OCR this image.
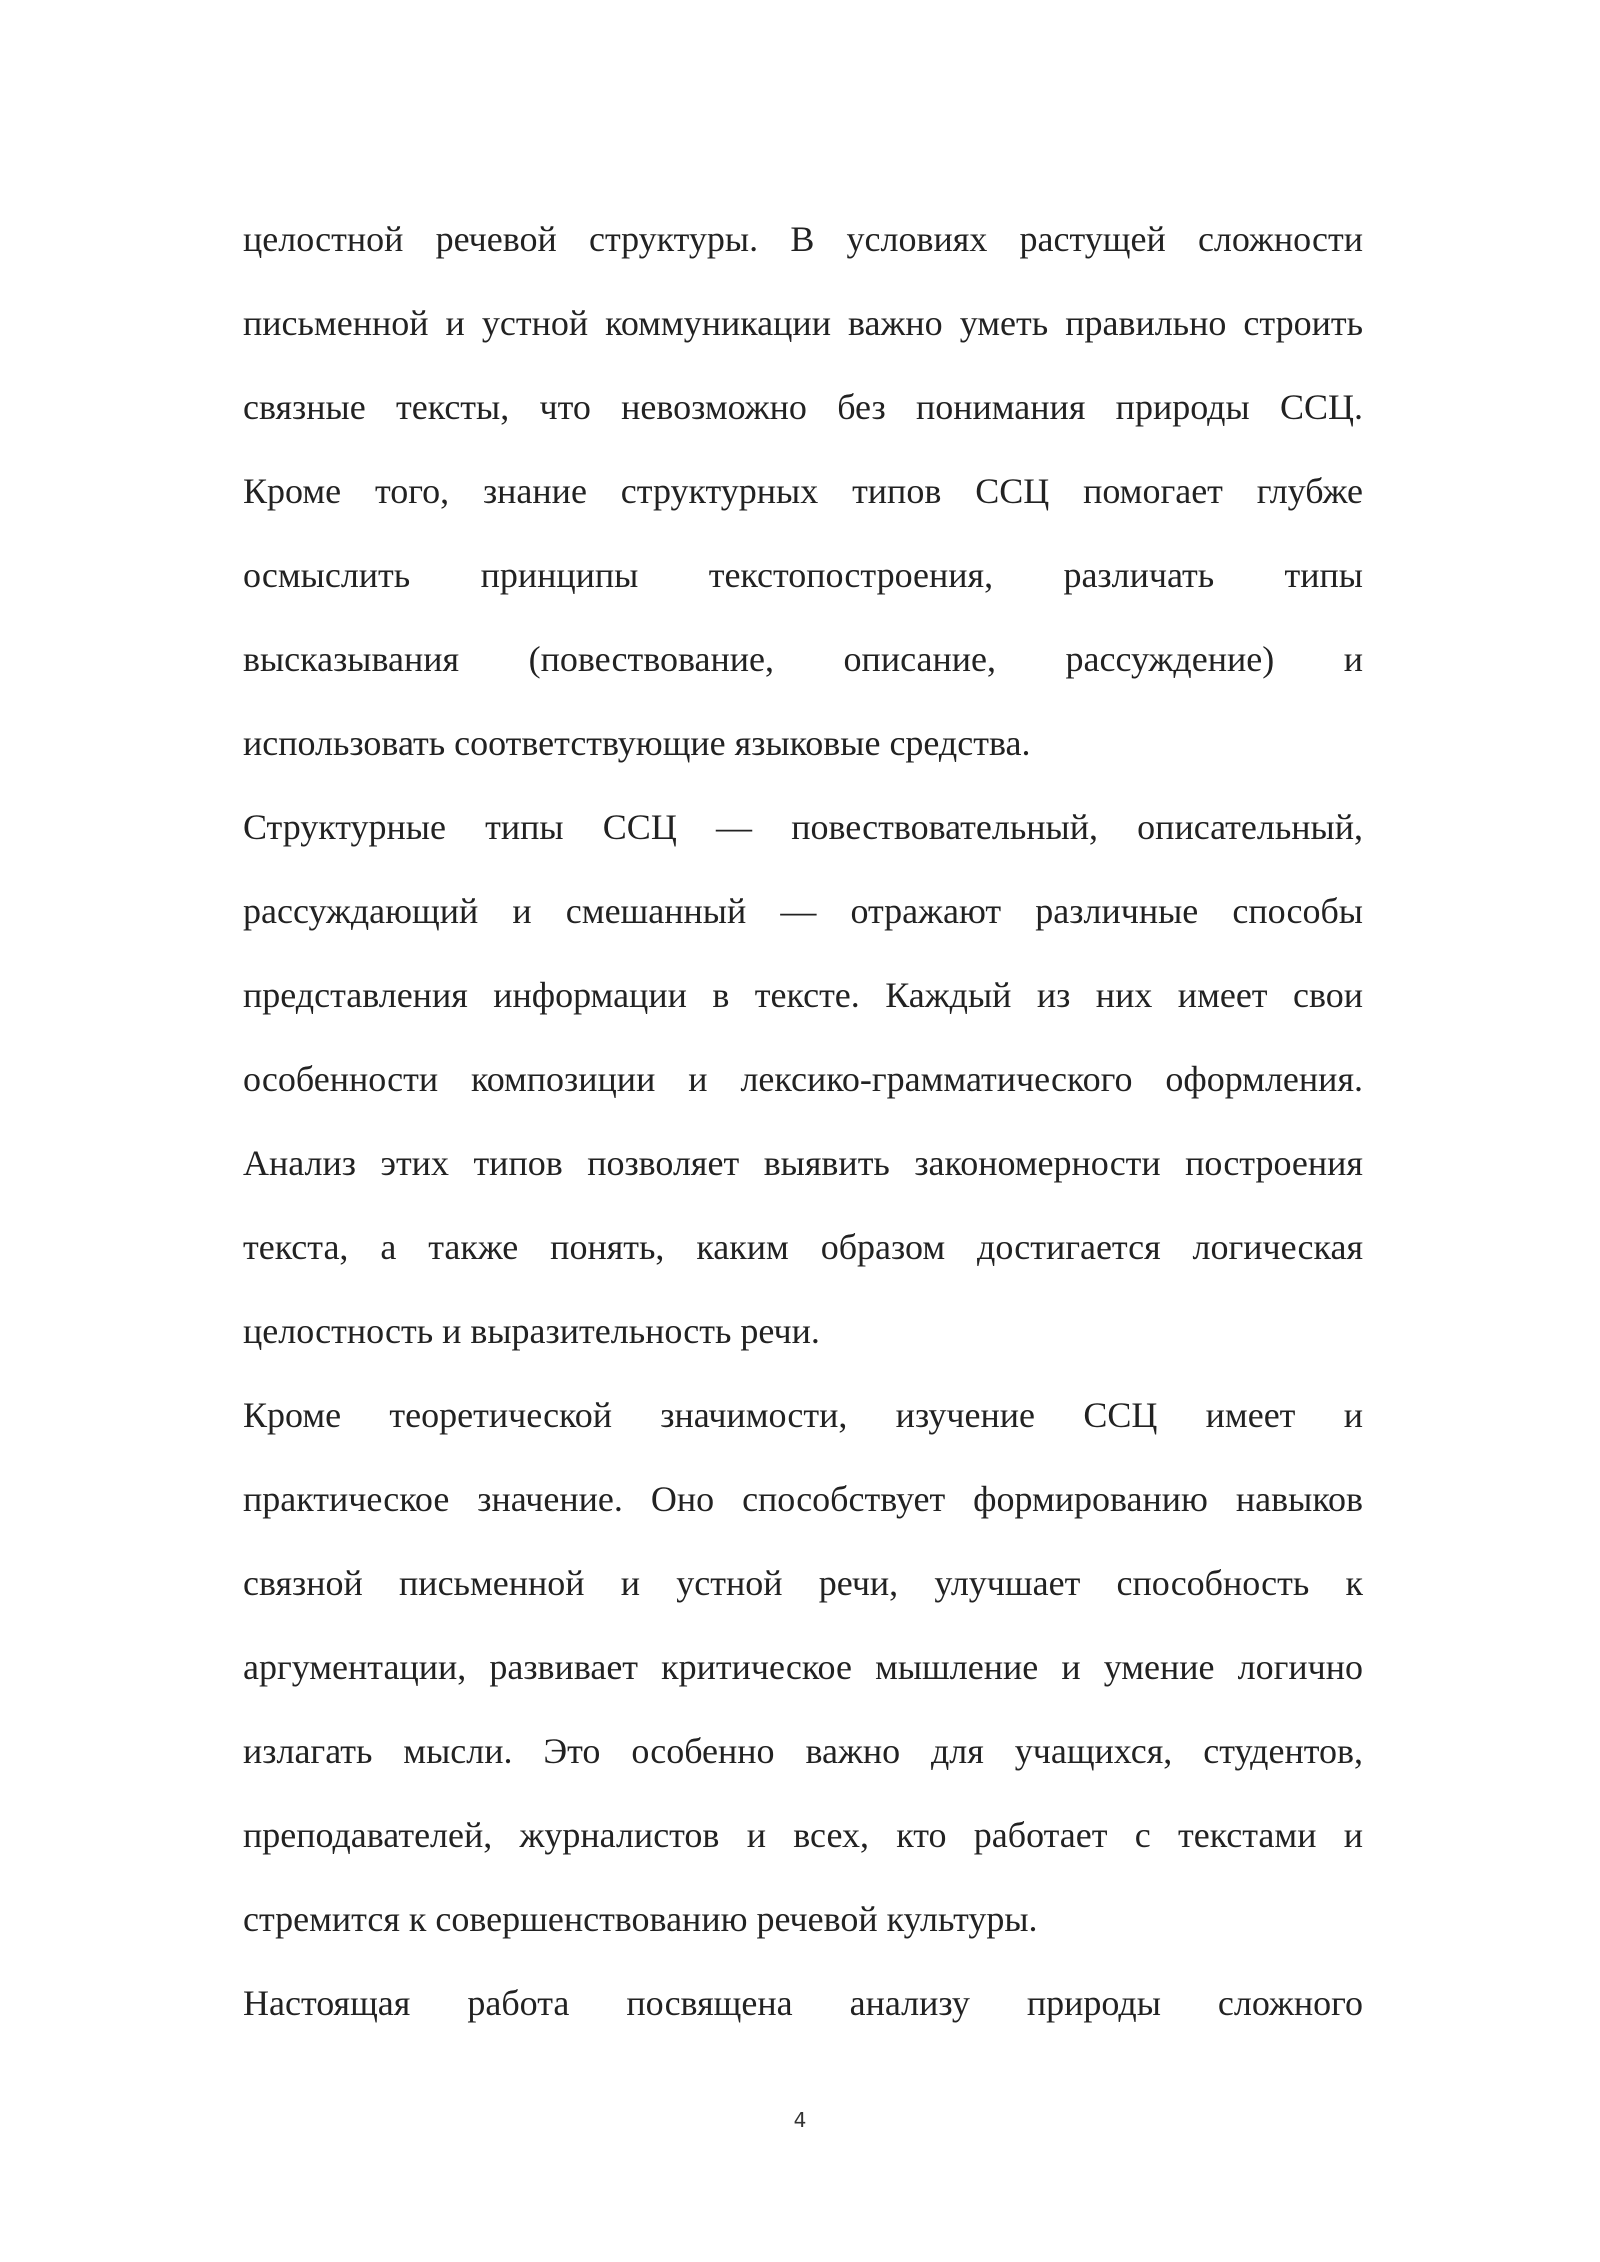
целостной речевой структуры. В условиях растущей сложности

письменной и устной коммуникации важно уметь правильно строить

связные тексты, что невозможно без понимания природы ССЦ.

Кроме того, знание структурных типов ССЦ помогает глубже

осмыслить принципы текстопостроения, различать типы

высказывания (повествование, описание, рассуждение) и

использовать соответствующие языковые средства.

Структурные типы ССЦ — повествовательный, описательный,

рассуждающий и смешанный — отражают различные способы

представления информации в тексте. Каждый из них имеет свои

особенности композиции и лексико-грамматического оформления.

Анализ этих типов позволяет выявить закономерности построения

текста, а также понять, каким образом достигается логическая

целостность и выразительность речи.

Кроме теоретической значимости, изучение ССЦ имеет и

практическое значение. Оно способствует формированию навыков

связной письменной и устной речи, улучшает способность к

аргументации, развивает критическое мышление и умение логично

излагать мысли. Это особенно важно для учащихся, студентов,

преподавателей, журналистов и всех, кто работает с текстами и

стремится к совершенствованию речевой культуры.

Настоящая работа посвящена анализу природы сложного

4
